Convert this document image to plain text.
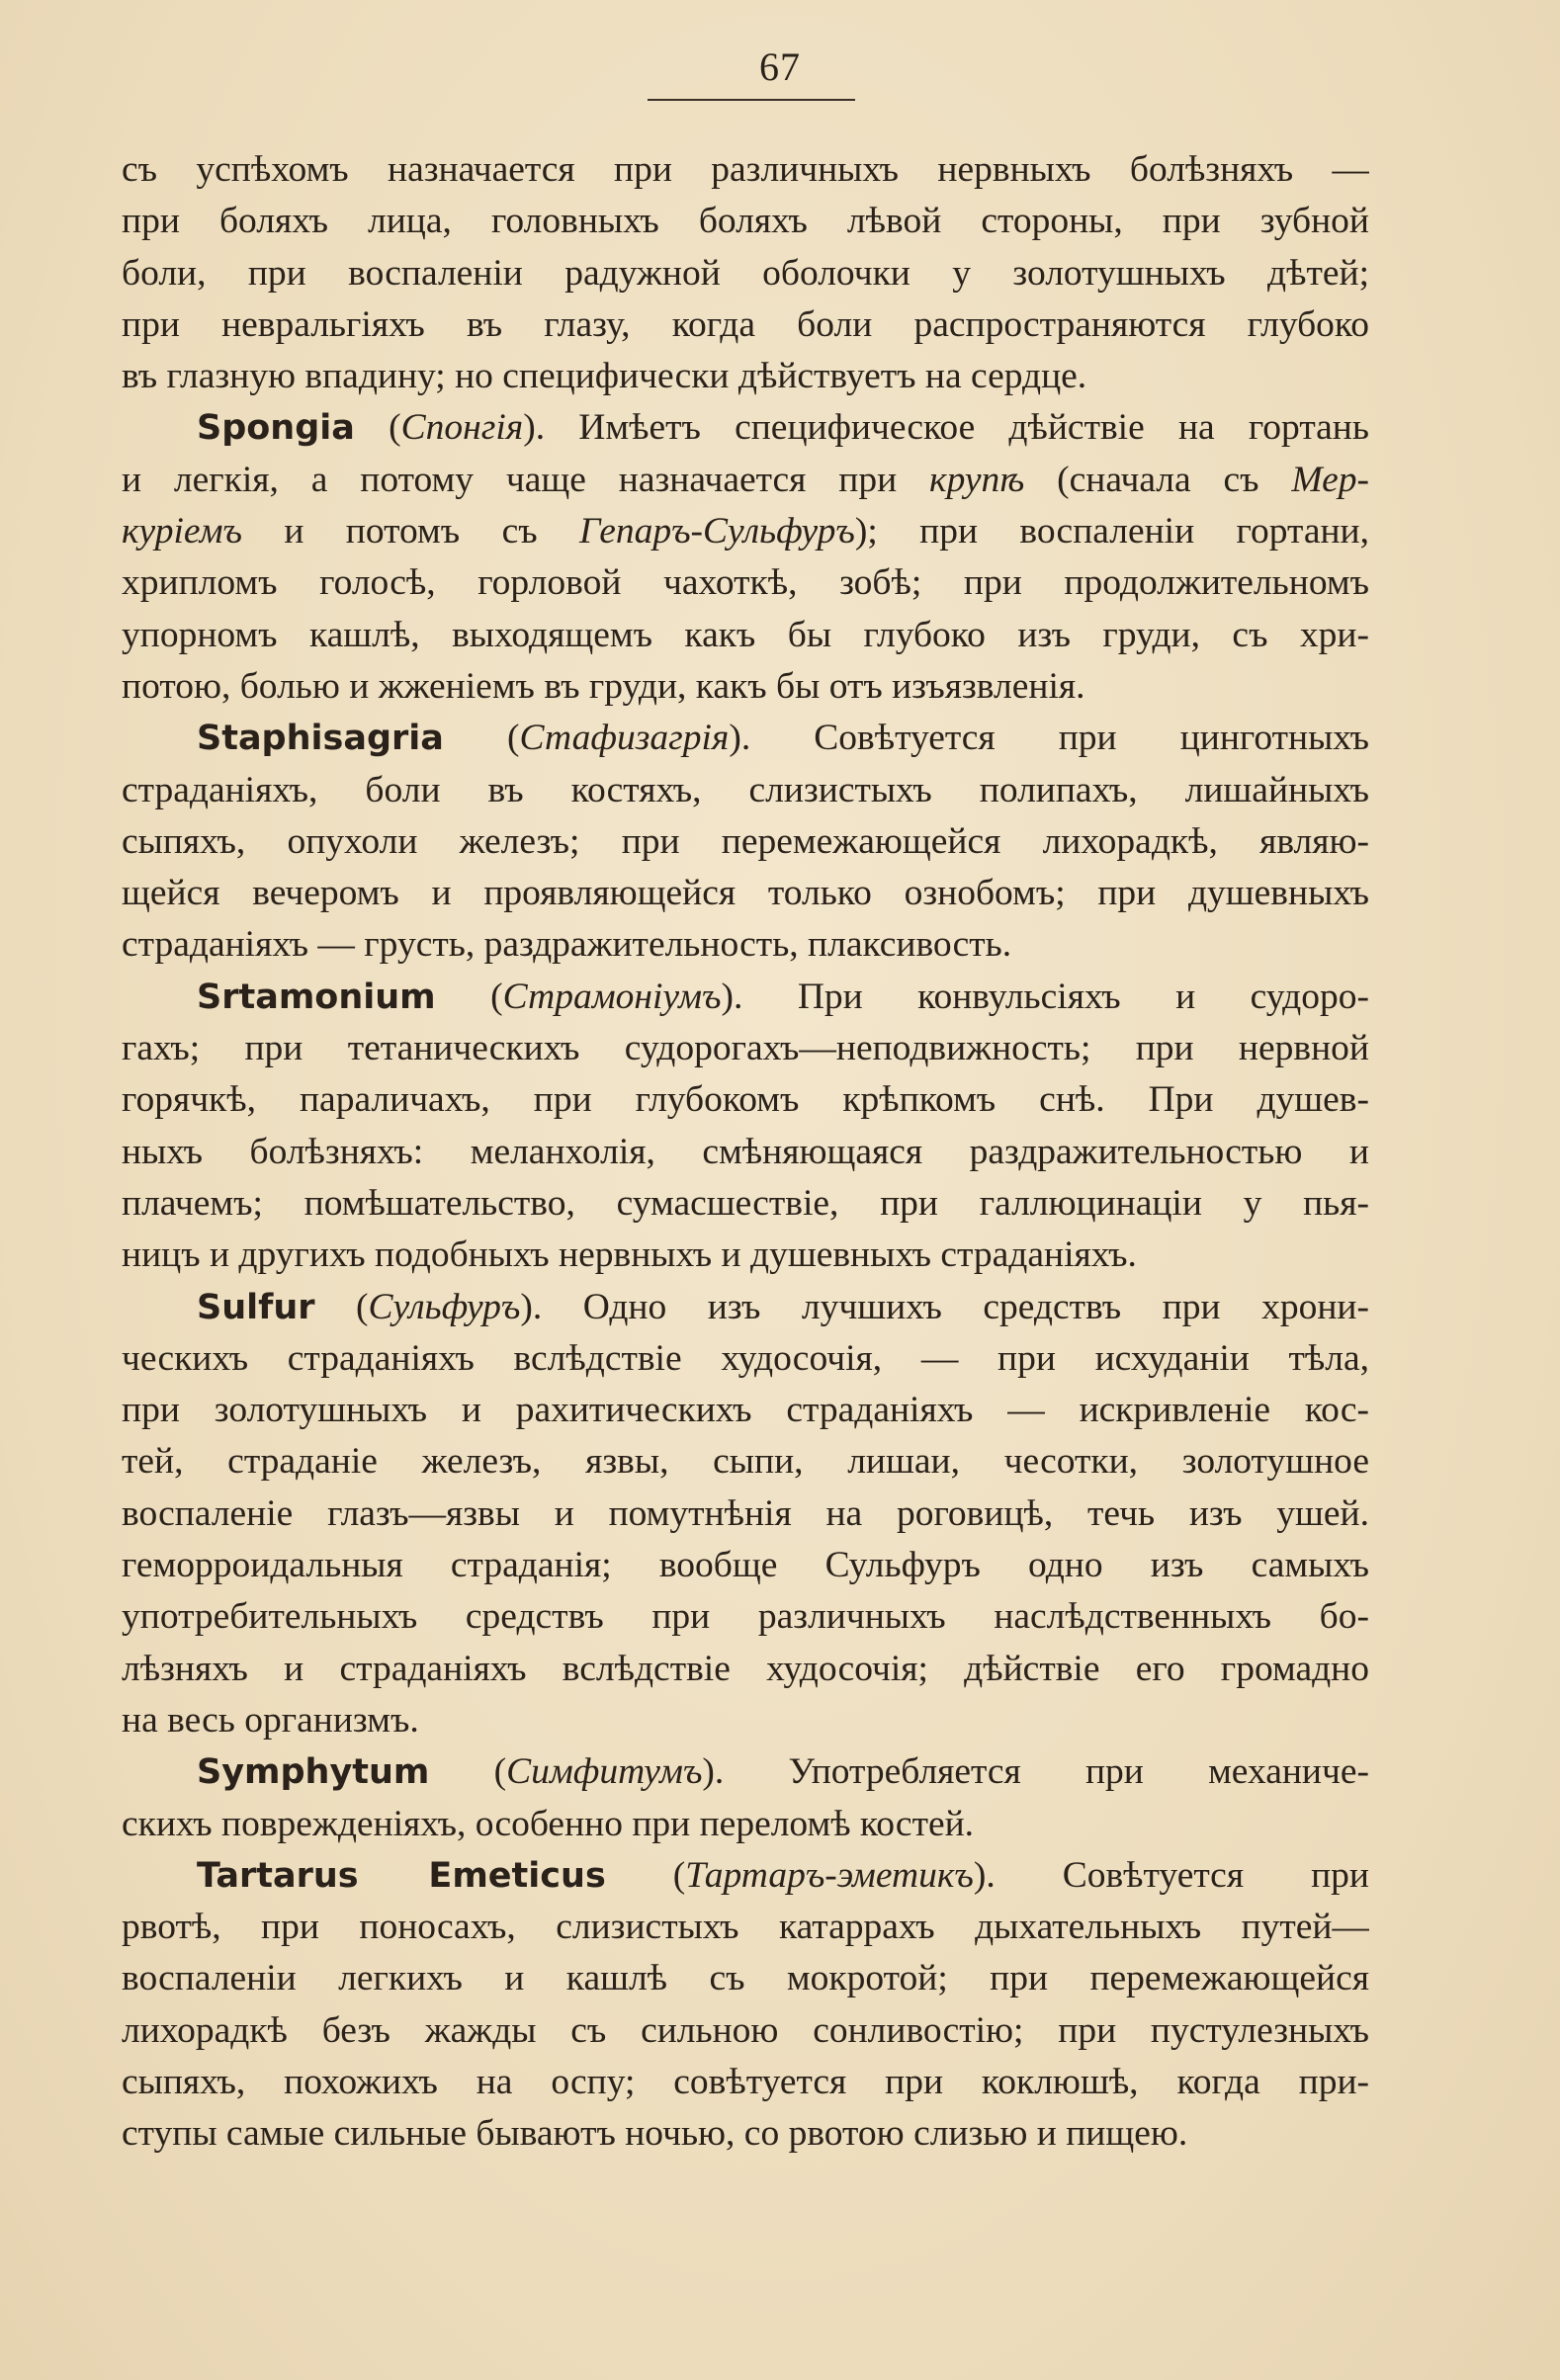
67
съ успѣхомъ назначается при различныхъ нервныхъ болѣзняхъ —
при боляхъ лица, головныхъ боляхъ лѣвой стороны, при зубной
боли, при воспаленіи радужной оболочки у золотушныхъ дѣтей;
при невральгіяхъ въ глазу, когда боли распространяются глубоко
въ глазную впадину; но специфически дѣйствуетъ на сердце.
Spongia (Спонгія). Имѣетъ специфическое дѣйствіе на гортань
и легкія, а потому чаще назначается при крупѣ (сначала съ Мер-
куріемъ и потомъ съ Гепаръ-Сульфуръ); при воспаленіи гортани,
хрипломъ голосѣ, горловой чахоткѣ, зобѣ; при продолжительномъ
упорномъ кашлѣ, выходящемъ какъ бы глубоко изъ груди, съ хри-
потою, болью и жженіемъ въ груди, какъ бы отъ изъязвленія.
Staphisagria (Стафизагрія). Совѣтуется при цинготныхъ
страданіяхъ, боли въ костяхъ, слизистыхъ полипахъ, лишайныхъ
сыпяхъ, опухоли железъ; при перемежающейся лихорадкѣ, являю-
щейся вечеромъ и проявляющейся только ознобомъ; при душевныхъ
страданіяхъ — грусть, раздражительность, плаксивость.
Srtamonium (Страмоніумъ). При конвульсіяхъ и судоро-
гахъ; при тетаническихъ судорогахъ—неподвижность; при нервной
горячкѣ, параличахъ, при глубокомъ крѣпкомъ снѣ. При душев-
ныхъ болѣзняхъ: меланхолія, смѣняющаяся раздражительностью и
плачемъ; помѣшательство, сумасшествіе, при галлюцинаціи у пья-
ницъ и другихъ подобныхъ нервныхъ и душевныхъ страданіяхъ.
Sulfur (Сульфуръ). Одно изъ лучшихъ средствъ при хрони-
ческихъ страданіяхъ вслѣдствіе худосочія, — при исхуданіи тѣла,
при золотушныхъ и рахитическихъ страданіяхъ — искривленіе кос-
тей, страданіе железъ, язвы, сыпи, лишаи, чесотки, золотушное
воспаленіе глазъ—язвы и помутнѣнія на роговицѣ, течь изъ ушей.
геморроидальныя страданія; вообще Сульфуръ одно изъ самыхъ
употребительныхъ средствъ при различныхъ наслѣдственныхъ бо-
лѣзняхъ и страданіяхъ вслѣдствіе худосочія; дѣйствіе его громадно
на весь организмъ.
Symphytum (Симфитумъ). Употребляется при механиче-
скихъ поврежденіяхъ, особенно при переломѣ костей.
Tartarus Emeticus (Тартаръ-эметикъ). Совѣтуется при
рвотѣ, при поносахъ, слизистыхъ катаррахъ дыхательныхъ путей—
воспаленіи легкихъ и кашлѣ съ мокротой; при перемежающейся
лихорадкѣ безъ жажды съ сильною сонливостію; при пустулезныхъ
сыпяхъ, похожихъ на оспу; совѣтуется при коклюшѣ, когда при-
ступы самые сильные бываютъ ночью, со рвотою слизью и пищею.
